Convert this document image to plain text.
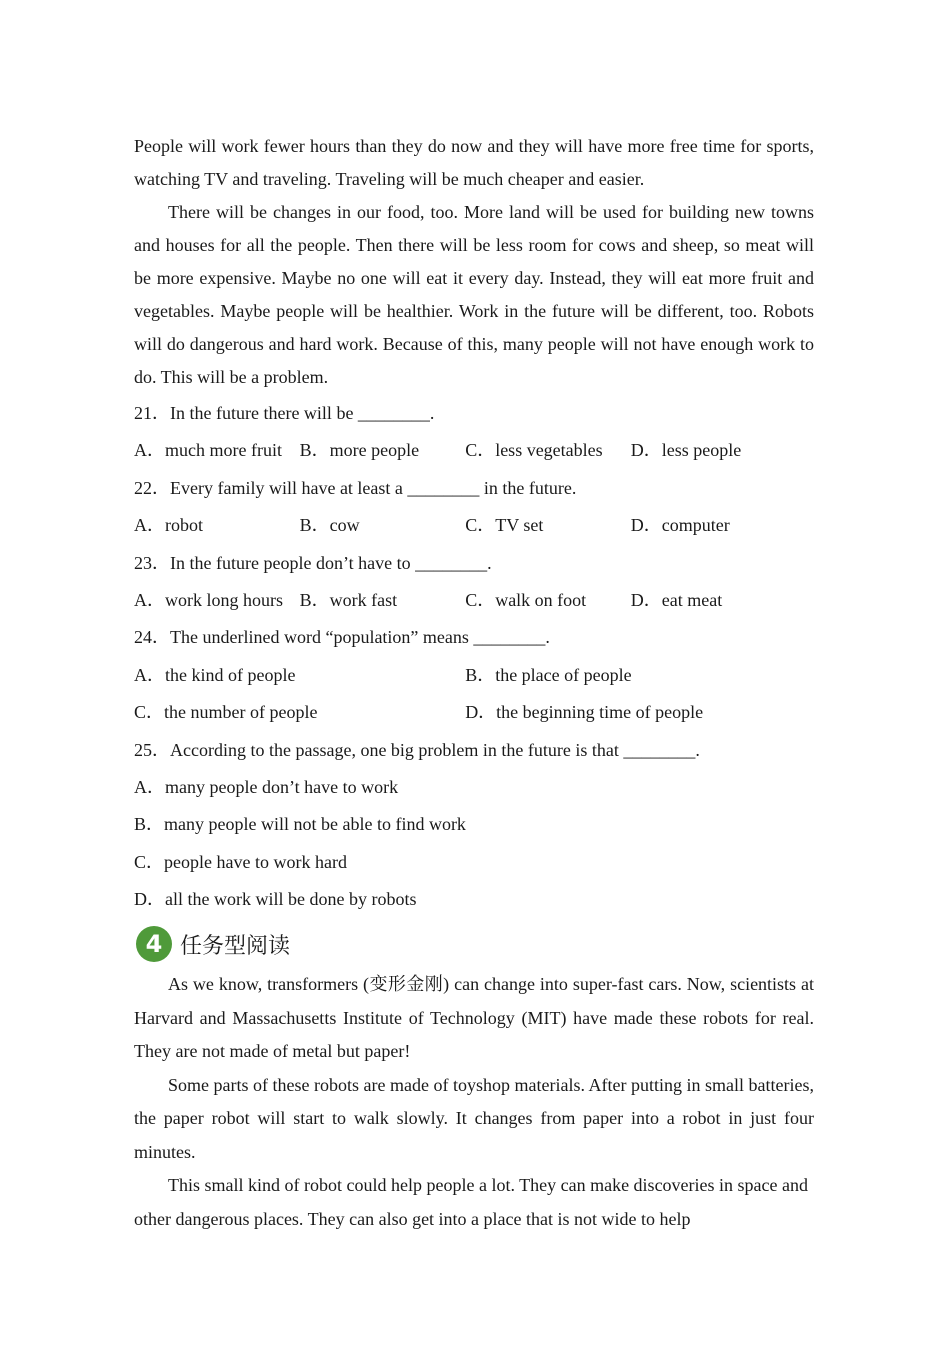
People will work fewer hours than they do now and they will have more free time for sports, watching TV and traveling. Traveling will be much cheaper and easier.

There will be changes in our food, too. More land will be used for building new towns and houses for all the people. Then there will be less room for cows and sheep, so meat will be more expensive. Maybe no one will eat it every day. Instead, they will eat more fruit and vegetables. Maybe people will be healthier. Work in the future will be different, too. Robots will do dangerous and hard work. Because of this, many people will not have enough work to do. This will be a problem.

21．In the future there will be ________.
A．much more fruit B．more people	C．less vegetables	D．less people
22．Every family will have at least a ________ in the future.
A．robot	B．cow	C．TV set	D．computer
23．In the future people don’t have to ________.
A．work long hours B．work fast	C．walk on foot	D．eat meat
24．The underlined word “population” means ________.
A．the kind of people	B．the place of people
C．the number of people	D．the beginning time of people
25．According to the passage, one big problem in the future is that ________.
A．many people don’t have to work
B．many people will not be able to find work
C．people have to work hard
D．all the work will be done by robots
4 任务型阅读

As we know, transformers (变形金刚) can change into super-fast cars. Now, scientists at Harvard and Massachusetts Institute of Technology (MIT) have made these robots for real. They are not made of metal but paper!

Some parts of these robots are made of toyshop materials. After putting in small batteries, the paper robot will start to walk slowly. It changes from paper into a robot in just four minutes.

This small kind of robot could help people a lot. They can make discoveries in space and other dangerous places. They can also get into a place that is not wide to help
